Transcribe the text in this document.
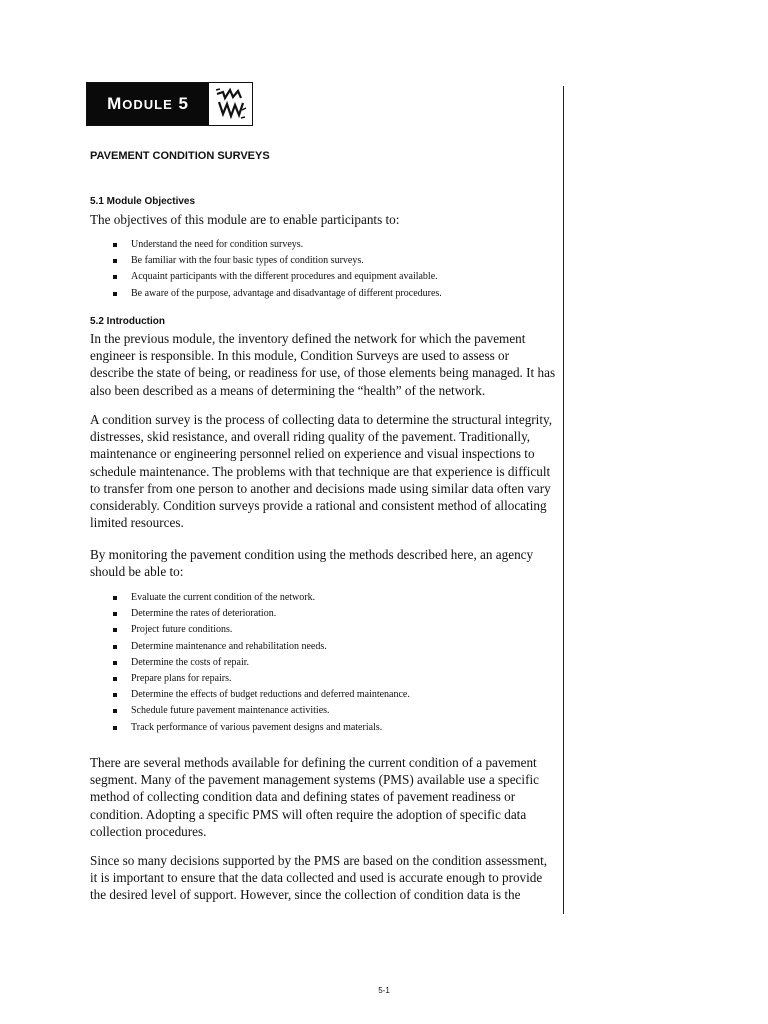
M ODULE
5
PAVEMENT CONDITION SURVEYS
5.1 Module Objectives

The objectives of this module are to enable participants to:

Understand the need for condition surveys.
Be familiar with the four basic types of condition surveys.
Acquaint participants with the different procedures and equipment available.
Be aware of the purpose, advantage and disadvantage of different procedures.
5.2 Introduction

In the previous module, the inventory defined the network for which the pavement engineer is responsible. In this module, Condition Surveys are used to assess or describe the state of being, or readiness for use, of those elements being managed. It has also been described as a means of determining the “health” of the network.

A condition survey is the process of collecting data to determine the structural integrity, distresses, skid resistance, and overall riding quality of the pavement. Traditionally, maintenance or engineering personnel relied on experience and visual inspections to schedule maintenance. The problems with that technique are that experience is difficult to transfer from one person to another and decisions made using similar data often vary considerably. Condition surveys provide a rational and consistent method of allocating limited resources.

By monitoring the pavement condition using the methods described here, an agency should be able to:

Evaluate the current condition of the network.
Determine the rates of deterioration.
Project future conditions.
Determine maintenance and rehabilitation needs.
Determine the costs of repair.
Prepare plans for repairs.
Determine the effects of budget reductions and deferred maintenance.
Schedule future pavement maintenance activities.
Track performance of various pavement designs and materials.

There are several methods available for defining the current condition of a pavement segment. Many of the pavement management systems (PMS) available use a specific method of collecting condition data and defining states of pavement readiness or condition. Adopting a specific PMS will often require the adoption of specific data collection procedures.

Since so many decisions supported by the PMS are based on the condition assessment, it is important to ensure that the data collected and used is accurate enough to provide the desired level of support. However, since the collection of condition data is the

5-1
